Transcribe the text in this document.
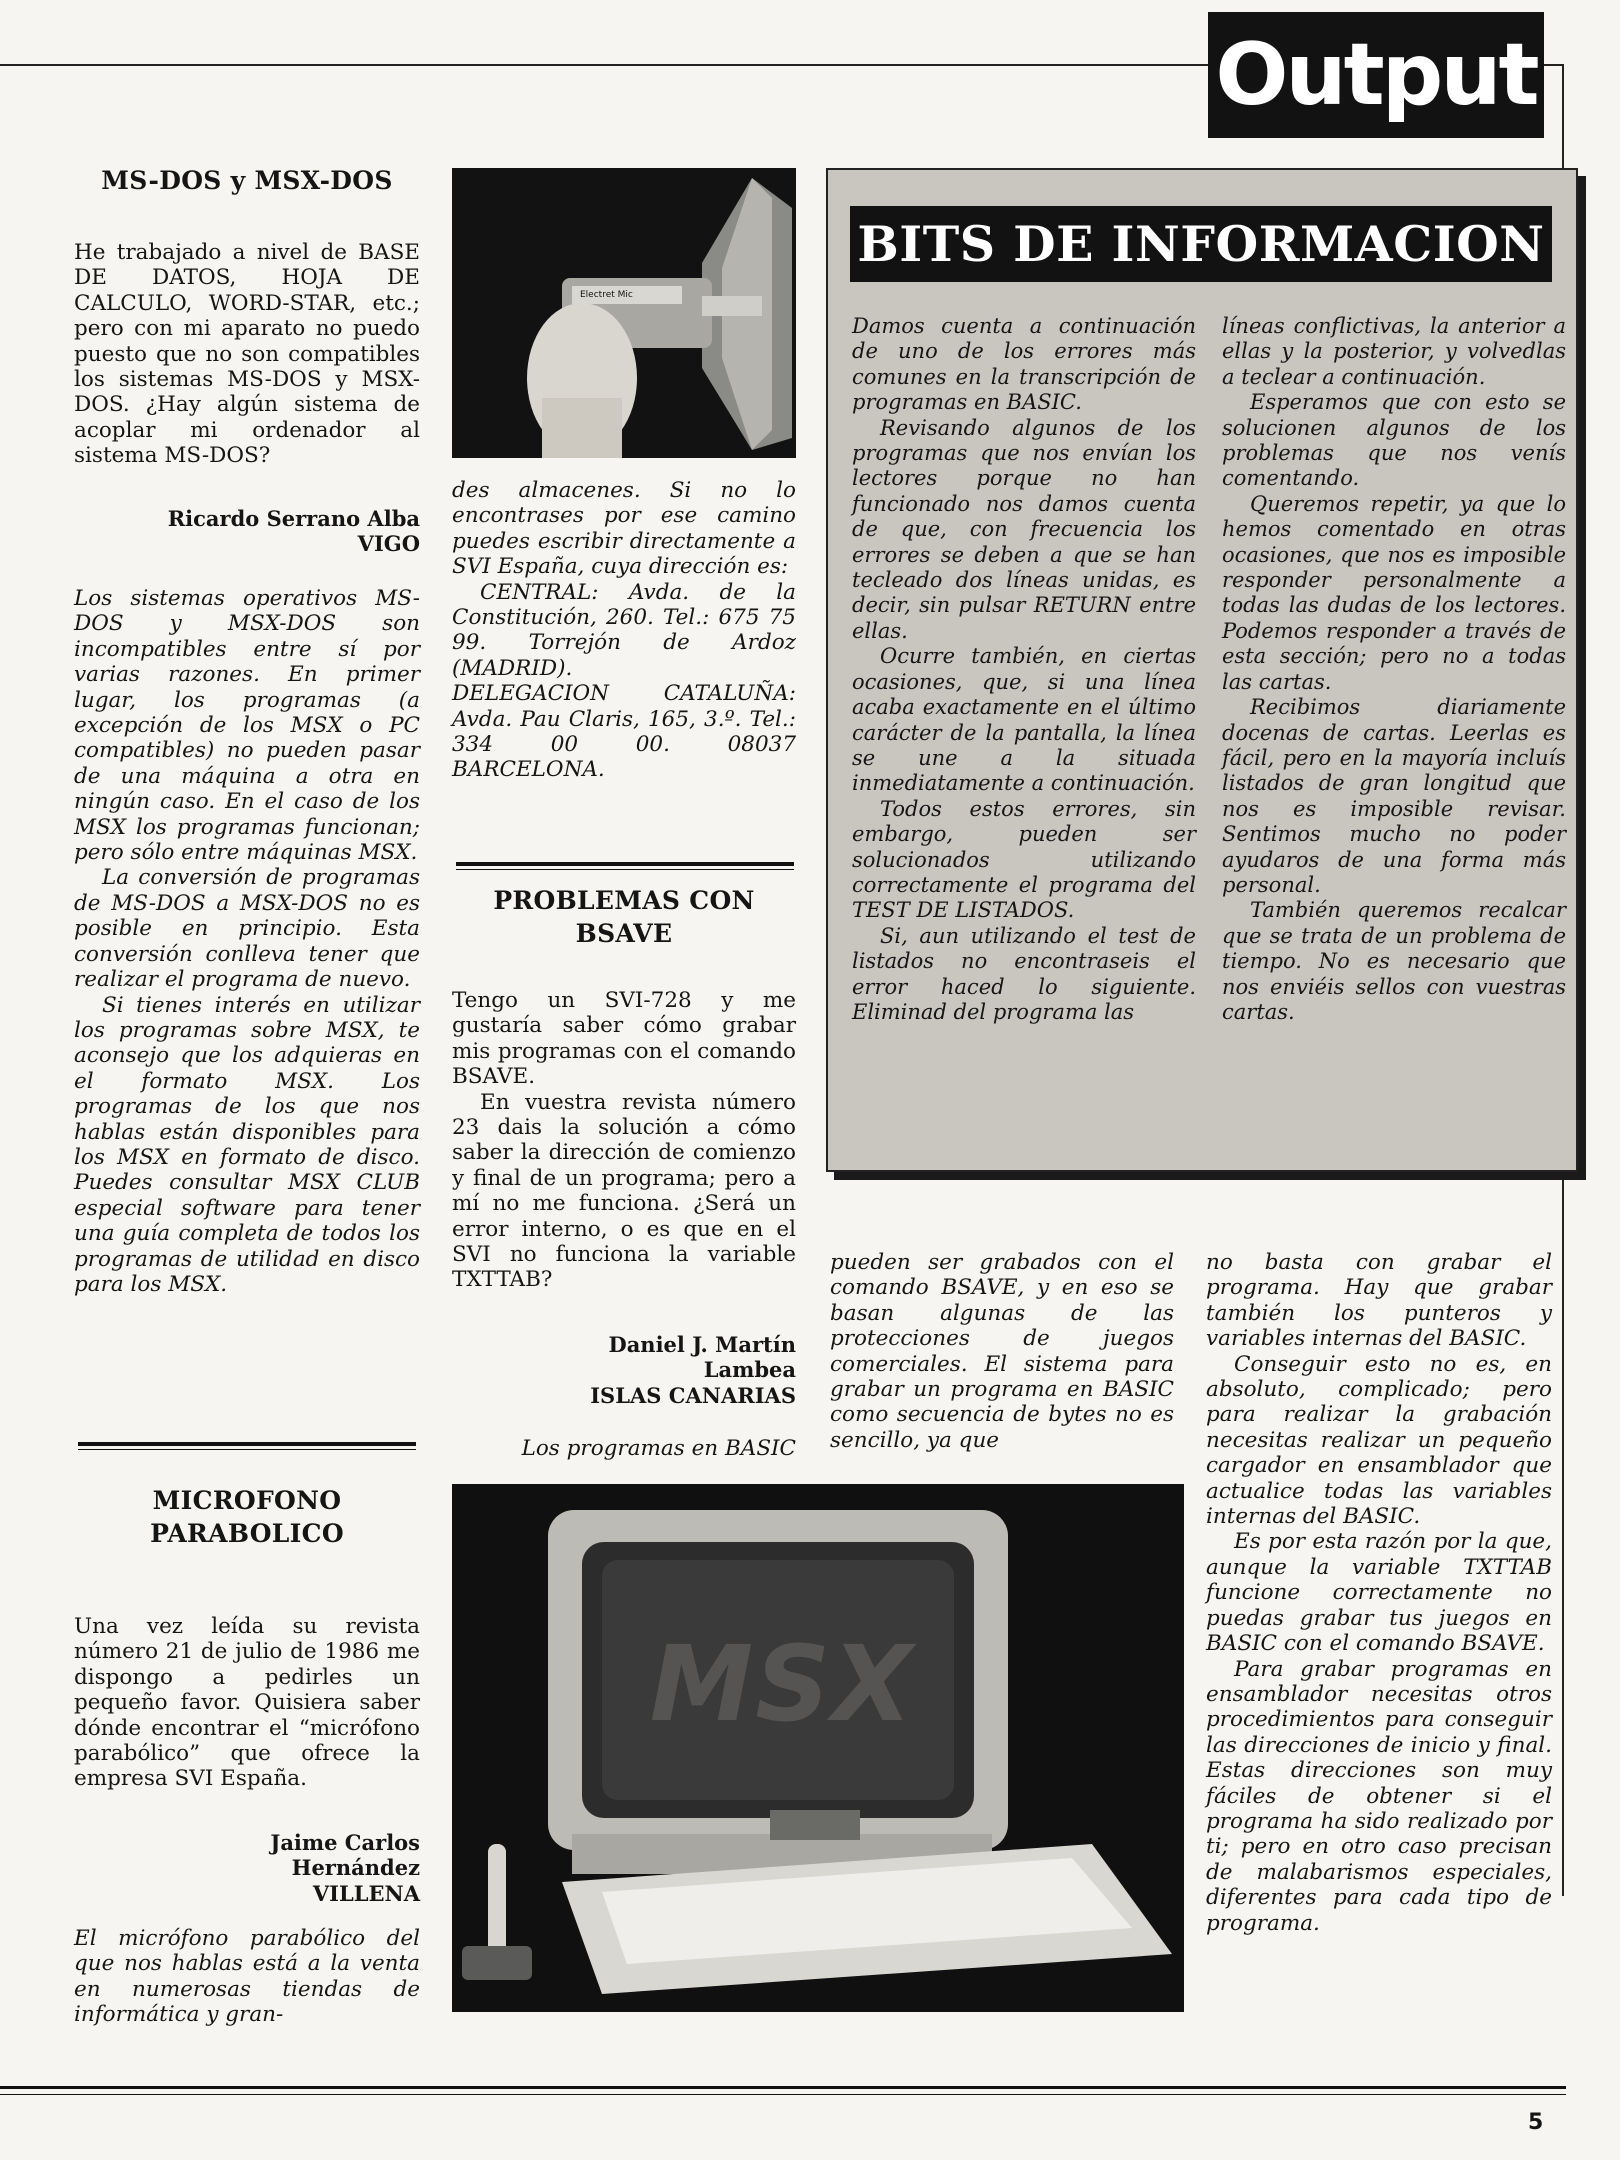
Output
MS-DOS y MSX-DOS

He trabajado a nivel de BASE DE DATOS, HOJA DE CALCULO, WORD-STAR, etc.; pero con mi aparato no puedo puesto que no son compatibles los sistemas MS-DOS y MSX-DOS. ¿Hay algún sistema de acoplar mi ordenador al sistema MS-DOS?

Ricardo Serrano Alba
VIGO

Los sistemas operativos MS-DOS y MSX-DOS son incompatibles entre sí por varias razones. En primer lugar, los programas (a excepción de los MSX o PC compatibles) no pueden pasar de una máquina a otra en ningún caso. En el caso de los MSX los programas funcionan; pero sólo entre máquinas MSX.

La conversión de programas de MS-DOS a MSX-DOS no es posible en principio. Esta conversión conlleva tener que realizar el programa de nuevo.

Si tienes interés en utilizar los programas sobre MSX, te aconsejo que los adquieras en el formato MSX. Los programas de los que nos hablas están disponibles para los MSX en formato de disco. Puedes consultar MSX CLUB especial software para tener una guía completa de todos los programas de utilidad en disco para los MSX.

MICROFONO
PARABOLICO

Una vez leída su revista número 21 de julio de 1986 me dispongo a pedirles un pequeño favor. Quisiera saber dónde encontrar el “micrófono parabólico” que ofrece la empresa SVI España.

Jaime Carlos
Hernández
VILLENA

El micrófono parabólico del que nos hablas está a la venta en numerosas tiendas de informática y gran-

Electret Mic

des almacenes. Si no lo encontrases por ese camino puedes escribir directamente a SVI España, cuya dirección es:

CENTRAL: Avda. de la Constitución, 260. Tel.: 675 75 99. Torrejón de Ardoz (MADRID).

DELEGACION CATALUÑA: Avda. Pau Claris, 165, 3.º. Tel.: 334 00 00. 08037 BARCELONA.

PROBLEMAS CON
BSAVE

Tengo un SVI-728 y me gustaría saber cómo grabar mis programas con el comando BSAVE.

En vuestra revista número 23 dais la solución a cómo saber la dirección de comienzo y final de un programa; pero a mí no me funciona. ¿Será un error interno, o es que en el SVI no funciona la variable TXTTAB?

Daniel J. Martín
Lambea
ISLAS CANARIAS

Los programas en BASIC

BITS DE INFORMACION

Damos cuenta a continuación de uno de los errores más comunes en la transcripción de programas en BASIC.

Revisando algunos de los programas que nos envían los lectores porque no han funcionado nos damos cuenta de que, con frecuencia los errores se deben a que se han tecleado dos líneas unidas, es decir, sin pulsar RETURN entre ellas.

Ocurre también, en ciertas ocasiones, que, si una línea acaba exactamente en el último carácter de la pantalla, la línea se une a la situada inmediatamente a continuación.

Todos estos errores, sin embargo, pueden ser solucionados utilizando correctamente el programa del TEST DE LISTADOS.

Si, aun utilizando el test de listados no encontraseis el error haced lo siguiente. Eliminad del programa las

líneas conflictivas, la anterior a ellas y la posterior, y volvedlas a teclear a continuación.

Esperamos que con esto se solucionen algunos de los problemas que nos venís comentando.

Queremos repetir, ya que lo hemos comentado en otras ocasiones, que nos es imposible responder personalmente a todas las dudas de los lectores. Podemos responder a través de esta sección; pero no a todas las cartas.

Recibimos diariamente docenas de cartas. Leerlas es fácil, pero en la mayoría incluís listados de gran longitud que nos es imposible revisar. Sentimos mucho no poder ayudaros de una forma más personal.

También queremos recalcar que se trata de un problema de tiempo. No es necesario que nos enviéis sellos con vuestras cartas.

pueden ser grabados con el comando BSAVE, y en eso se basan algunas de las protecciones de juegos comerciales. El sistema para grabar un programa en BASIC como secuencia de bytes no es sencillo, ya que

no basta con grabar el programa. Hay que grabar también los punteros y variables internas del BASIC.

Conseguir esto no es, en absoluto, complicado; pero para realizar la grabación necesitas realizar un pequeño cargador en ensamblador que actualice todas las variables internas del BASIC.

Es por esta razón por la que, aunque la variable TXTTAB funcione correctamente no puedas grabar tus juegos en BASIC con el comando BSAVE.

Para grabar programas en ensamblador necesitas otros procedimientos para conseguir las direcciones de inicio y final. Estas direcciones son muy fáciles de obtener si el programa ha sido realizado por ti; pero en otro caso precisan de malabarismos especiales, diferentes para cada tipo de programa.

MSX
5
